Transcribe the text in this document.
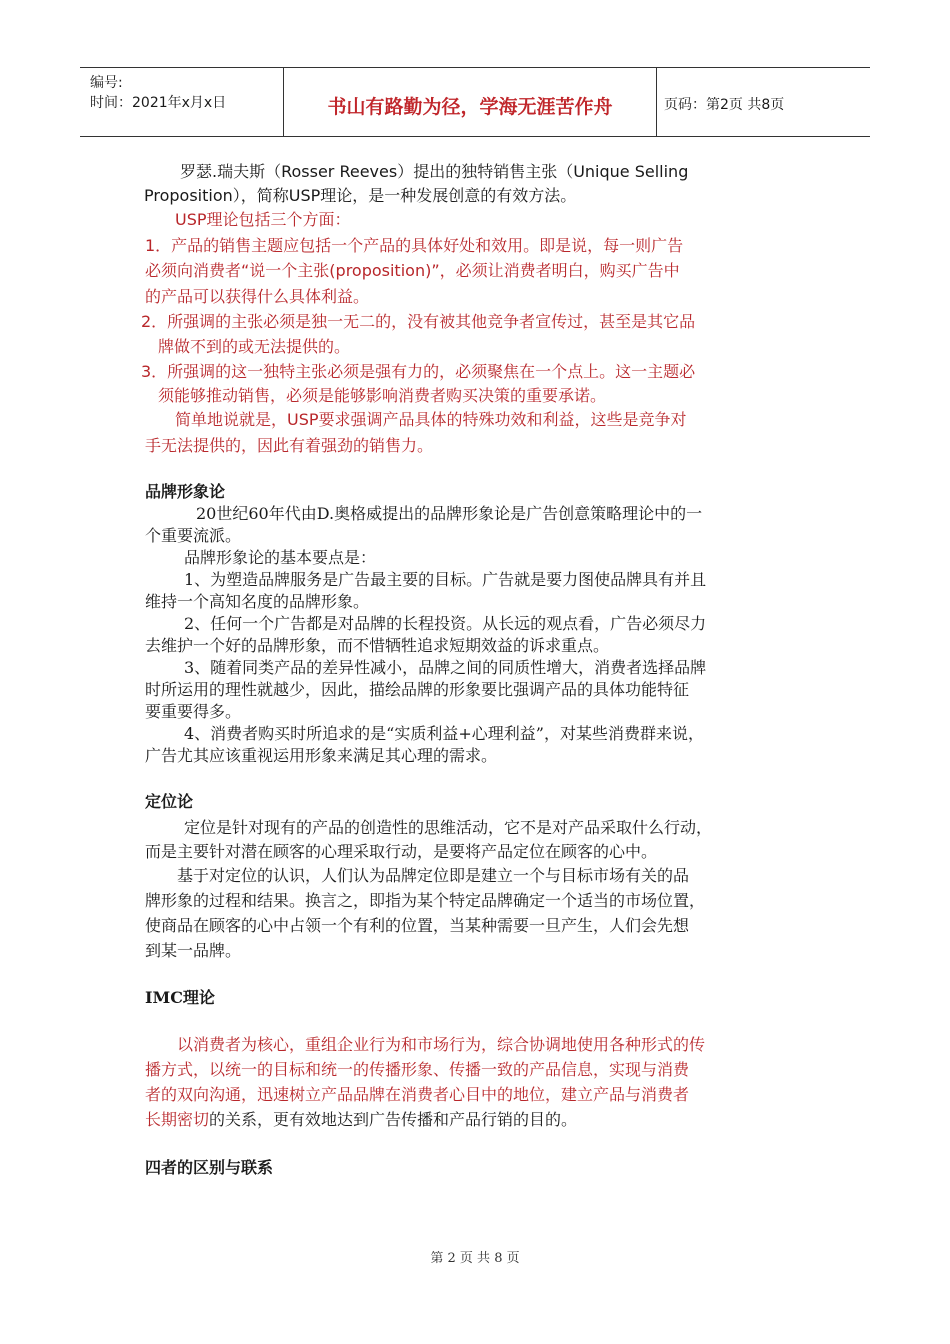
编号:
时间：2021年x月x日	书山有路勤为径，学海无涯苦作舟	页码：第2页 共8页
罗瑟.瑞夫斯（Rosser Reeves）提出的独特销售主张（Unique Selling
Proposition），简称USP理论，是一种发展创意的有效方法。
USP理论包括三个方面：
1．产品的销售主题应包括一个产品的具体好处和效用。即是说，每一则广告
必须向消费者“说一个主张(proposition)”，必须让消费者明白，购买广告中
的产品可以获得什么具体利益。
2．所强调的主张必须是独一无二的，没有被其他竞争者宣传过，甚至是其它品
牌做不到的或无法提供的。
3．所强调的这一独特主张必须是强有力的，必须聚焦在一个点上。这一主题必
须能够推动销售，必须是能够影响消费者购买决策的重要承诺。
简单地说就是，USP要求强调产品具体的特殊功效和利益，这些是竞争对
手无法提供的，因此有着强劲的销售力。
品牌形象论
20世纪60年代由D.奥格威提出的品牌形象论是广告创意策略理论中的一
个重要流派。
品牌形象论的基本要点是：
1、为塑造品牌服务是广告最主要的目标。广告就是要力图使品牌具有并且
维持一个高知名度的品牌形象。
2、任何一个广告都是对品牌的长程投资。从长远的观点看，广告必须尽力
去维护一个好的品牌形象，而不惜牺牲追求短期效益的诉求重点。
3、随着同类产品的差异性减小，品牌之间的同质性增大，消费者选择品牌
时所运用的理性就越少，因此，描绘品牌的形象要比强调产品的具体功能特征
要重要得多。
4、消费者购买时所追求的是“实质利益+心理利益”，对某些消费群来说，
广告尤其应该重视运用形象来满足其心理的需求。
定位论
定位是针对现有的产品的创造性的思维活动，它不是对产品采取什么行动，
而是主要针对潜在顾客的心理采取行动，是要将产品定位在顾客的心中。
基于对定位的认识，人们认为品牌定位即是建立一个与目标市场有关的品
牌形象的过程和结果。换言之，即指为某个特定品牌确定一个适当的市场位置，
使商品在顾客的心中占领一个有利的位置，当某种需要一旦产生，人们会先想
到某一品牌。
IMC理论
以消费者为核心，重组企业行为和市场行为，综合协调地使用各种形式的传
播方式，以统一的目标和统一的传播形象、传播一致的产品信息，实现与消费
者的双向沟通，迅速树立产品品牌在消费者心目中的地位，建立产品与消费者
长期密切的关系，更有效地达到广告传播和产品行销的目的。
四者的区别与联系
第 2 页 共 8 页
